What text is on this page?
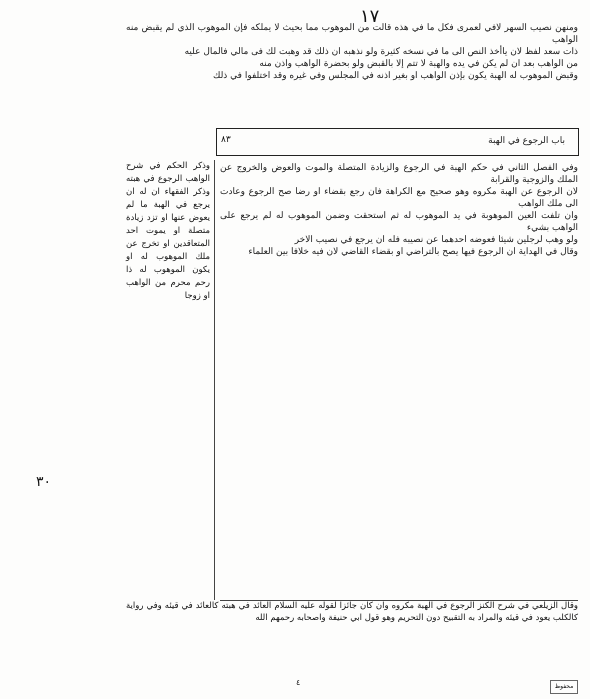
١٧

ومنهن نصيب السهر لافي لعمرى فكل ما في هذه قالت من الموهوب مما بحيث لا يملكه فإن الموهوب الذي لم يقبض منه الواهب

ذات سعد لفظ لان ياأخذ النص الى ما في نسخه كثيرة ولو نذهبه ان ذلك قد وهبت لك فى مالي فالمال عليه

من الواهب بعد ان لم يكن في يده والهبة لا تتم إلا بالقبض ولو بحضرة الواهب واذن منه

وقبض الموهوب له الهبة يكون بإذن الواهب او بغير اذنه في المجلس وفي غيره وقد اختلفوا في ذلك

باب الرجوع في الهبة
٨٣
وذكر الحكم في شرح الواهب الرجوع في هبته وذكر الفقهاء ان له ان يرجع في الهبة ما لم يعوض عنها او تزد زيادة متصلة او يموت احد المتعاقدين او تخرج عن ملك الموهوب له او يكون الموهوب له ذا رحم محرم من الواهب او زوجا

وفي الفصل الثاني في حكم الهبة في الرجوع والزيادة المتصلة والموت والعوض والخروج عن الملك والزوجية والقرابة

لان الرجوع عن الهبة مكروه وهو صحيح مع الكراهة فان رجع بقضاء او رضا صح الرجوع وعادت الى ملك الواهب

وان تلفت العين الموهوبة في يد الموهوب له ثم استحقت وضمن الموهوب له لم يرجع على الواهب بشيء

ولو وهب لرجلين شيئا فعوضه احدهما عن نصيبه فله ان يرجع في نصيب الاخر

وقال في الهداية ان الرجوع فيها يصح بالتراضي او بقضاء القاضي لان فيه خلافا بين العلماء

وقال الزيلعي في شرح الكنز الرجوع في الهبة مكروه وان كان جائزا لقوله عليه السلام العائد في هبته كالعائد في قيئه وفي رواية كالكلب يعود في قيئه والمراد به التقبيح دون التحريم وهو قول ابي حنيفة واصحابه رحمهم الله
٣٠
٤	محفوظ
